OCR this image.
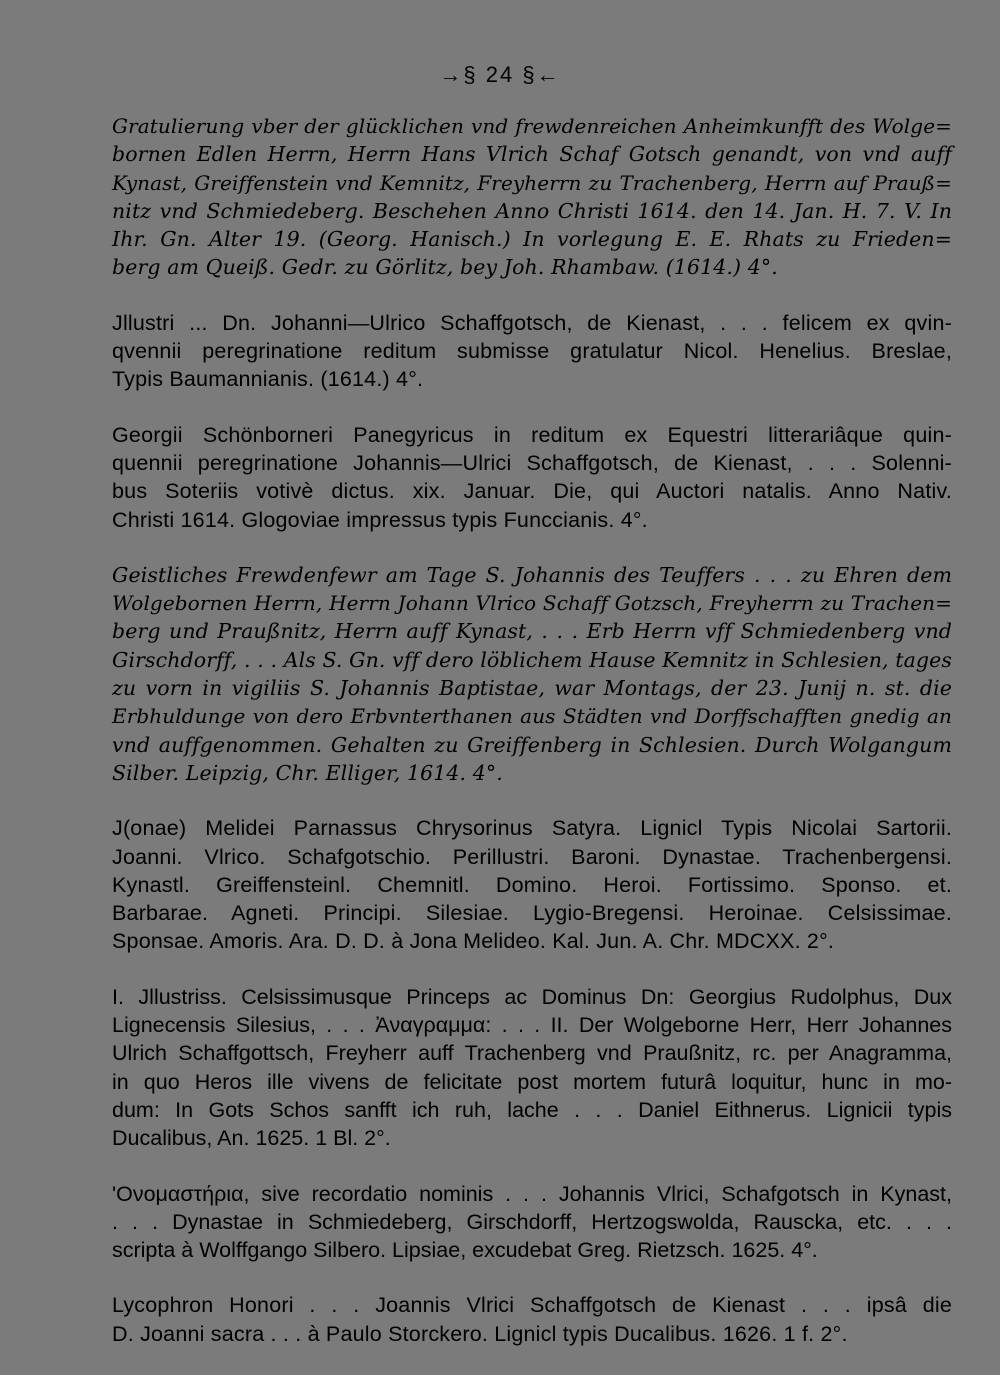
→§ 24 §←
Gratulierung vber der glücklichen vnd frewdenreichen Anheimkunfft des Wolge=
bornen Edlen Herrn, Herrn Hans Vlrich Schaf Gotsch genandt, von vnd auff
Kynast, Greiffenstein vnd Kemnitz, Freyherrn zu Trachenberg, Herrn auf Prauß=
nitz vnd Schmiedeberg. Beschehen Anno Christi 1614. den 14. Jan. H. 7. V. In
Ihr. Gn. Alter 19. (Georg. Hanisch.) In vorlegung E. E. Rhats zu Frieden=
berg am Queiß. Gedr. zu Görlitz, bey Joh. Rhambaw. (1614.) 4°.
Jllustri ... Dn. Johanni—Ulrico Schaffgotsch, de Kienast, . . . felicem ex qvin-
qvennii peregrinatione reditum submisse gratulatur Nicol. Henelius. Breslae,
Typis Baumannianis. (1614.) 4°.
Georgii Schönborneri Panegyricus in reditum ex Equestri litterariâque quin-
quennii peregrinatione Johannis—Ulrici Schaffgotsch, de Kienast, . . . Solenni-
bus Soteriis votivè dictus. xix. Januar. Die, qui Auctori natalis. Anno Nativ.
Christi 1614. Glogoviae impressus typis Funccianis. 4°.
Geistliches Frewdenfewr am Tage S. Johannis des Teuffers . . . zu Ehren dem
Wolgebornen Herrn, Herrn Johann Vlrico Schaff Gotzsch, Freyherrn zu Trachen=
berg und Praußnitz, Herrn auff Kynast, . . . Erb Herrn vff Schmiedenberg vnd
Girschdorff, . . . Als S. Gn. vff dero löblichem Hause Kemnitz in Schlesien, tages
zu vorn in vigiliis S. Johannis Baptistae, war Montags, der 23. Junij n. st. die
Erbhuldunge von dero Erbvnterthanen aus Städten vnd Dorffschafften gnedig an
vnd auffgenommen. Gehalten zu Greiffenberg in Schlesien. Durch Wolgangum
Silber. Leipzig, Chr. Elliger, 1614. 4°.
J(onae) Melidei Parnassus Chrysorinus Satyra. Lignicl Typis Nicolai Sartorii.
Joanni. Vlrico. Schafgotschio. Perillustri. Baroni. Dynastae. Trachenbergensi.
Kynastl. Greiffensteinl. Chemnitl. Domino. Heroi. Fortissimo. Sponso. et.
Barbarae. Agneti. Principi. Silesiae. Lygio-Bregensi. Heroinae. Celsissimae.
Sponsae. Amoris. Ara. D. D. à Jona Melideo. Kal. Jun. A. Chr. MDCXX. 2°.
I. Jllustriss. Celsissimusque Princeps ac Dominus Dn: Georgius Rudolphus, Dux
Lignecensis Silesius, . . . Ἀναγραμμα: . . . II. Der Wolgeborne Herr, Herr Johannes
Ulrich Schaffgottsch, Freyherr auff Trachenberg vnd Praußnitz, rc. per Anagramma,
in quo Heros ille vivens de felicitate post mortem futurâ loquitur, hunc in mo-
dum: In Gots Schos sanfft ich ruh, lache . . . Daniel Eithnerus. Lignicii typis
Ducalibus, An. 1625. 1 Bl. 2°.
'Ονομαστήρια, sive recordatio nominis . . . Johannis Vlrici, Schafgotsch in Kynast,
. . . Dynastae in Schmiedeberg, Girschdorff, Hertzogswolda, Rauscka, etc. . . .
scripta à Wolffgango Silbero. Lipsiae, excudebat Greg. Rietzsch. 1625. 4°.
Lycophron Honori . . . Joannis Vlrici Schaffgotsch de Kienast . . . ipsâ die
D. Joanni sacra . . . à Paulo Storckero. Lignicl typis Ducalibus. 1626. 1 f. 2°.
